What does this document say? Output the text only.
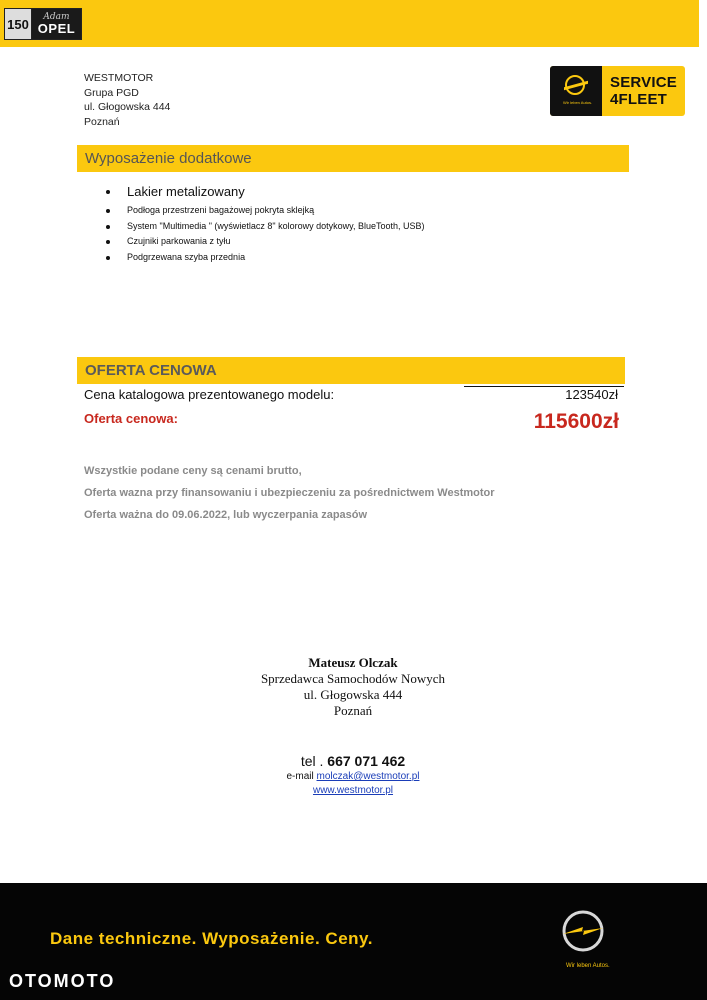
150	Adam
OPEL
WESTMOTOR
Grupa PGD
ul. Głogowska 444
Poznań
Wir leben Autos.
SERVICE
4FLEET
Wyposażenie dodatkowe
Lakier metalizowany
Podłoga przestrzeni bagażowej pokryta sklejką
System "Multimedia " (wyświetlacz 8" kolorowy dotykowy, BlueTooth, USB)
Czujniki parkowania z tyłu
Podgrzewana szyba przednia
OFERTA CENOWA
Cena katalogowa prezentowanego modelu:	123540zł
Oferta cenowa:	115600zł
Wszystkie podane ceny są cenami brutto,
Oferta wazna przy finansowaniu i ubezpieczeniu za pośrednictwem Westmotor
Oferta ważna do 09.06.2022, lub wyczerpania zapasów
Mateusz Olczak
Sprzedawca Samochodów Nowych
ul. Głogowska 444
Poznań
tel . 667 071 462
e-mail molczak@westmotor.pl
www.westmotor.pl
Dane techniczne. Wyposażenie. Ceny.
OTOMOTO
Wir leben Autos.
